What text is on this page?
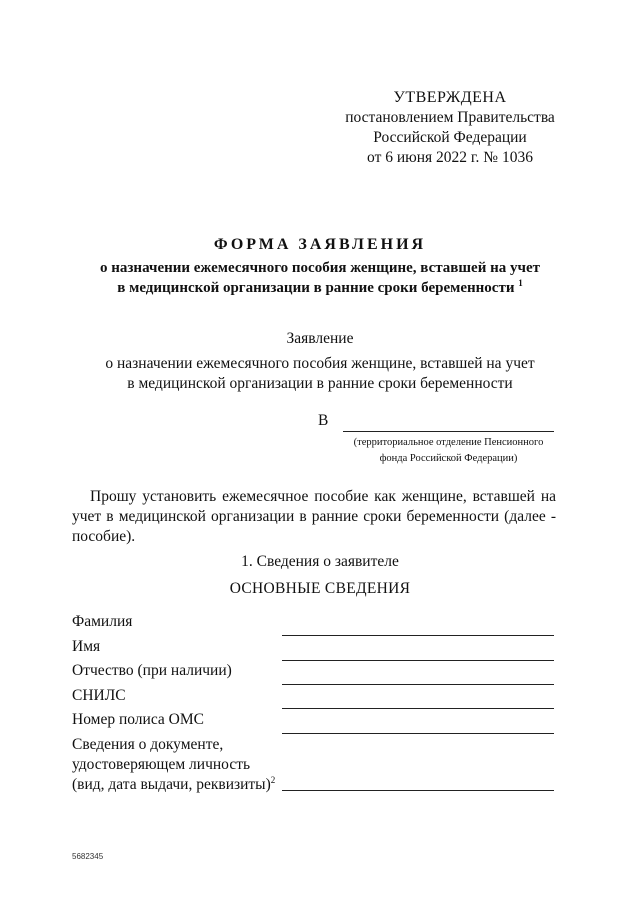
УТВЕРЖДЕНА
постановлением Правительства
Российской Федерации
от 6 июня 2022 г. № 1036
ФОРМА ЗАЯВЛЕНИЯ
о назначении ежемесячного пособия женщине, вставшей на учет
в медицинской организации в ранние сроки беременности $^1$
Заявление
о назначении ежемесячного пособия женщине, вставшей на учет
в медицинской организации в ранние сроки беременности
В
(территориальное отделение Пенсионного
фонда Российской Федерации)
Прошу установить ежемесячное пособие как женщине, вставшей на учет в медицинской организации в ранние сроки беременности (далее - пособие).
1. Сведения о заявителе
ОСНОВНЫЕ СВЕДЕНИЯ
Фамилия
Имя
Отчество (при наличии)
СНИЛС
Номер полиса ОМС
Сведения о документе,
удостоверяющем личность
(вид, дата выдачи, реквизиты)$^2$
5682345
